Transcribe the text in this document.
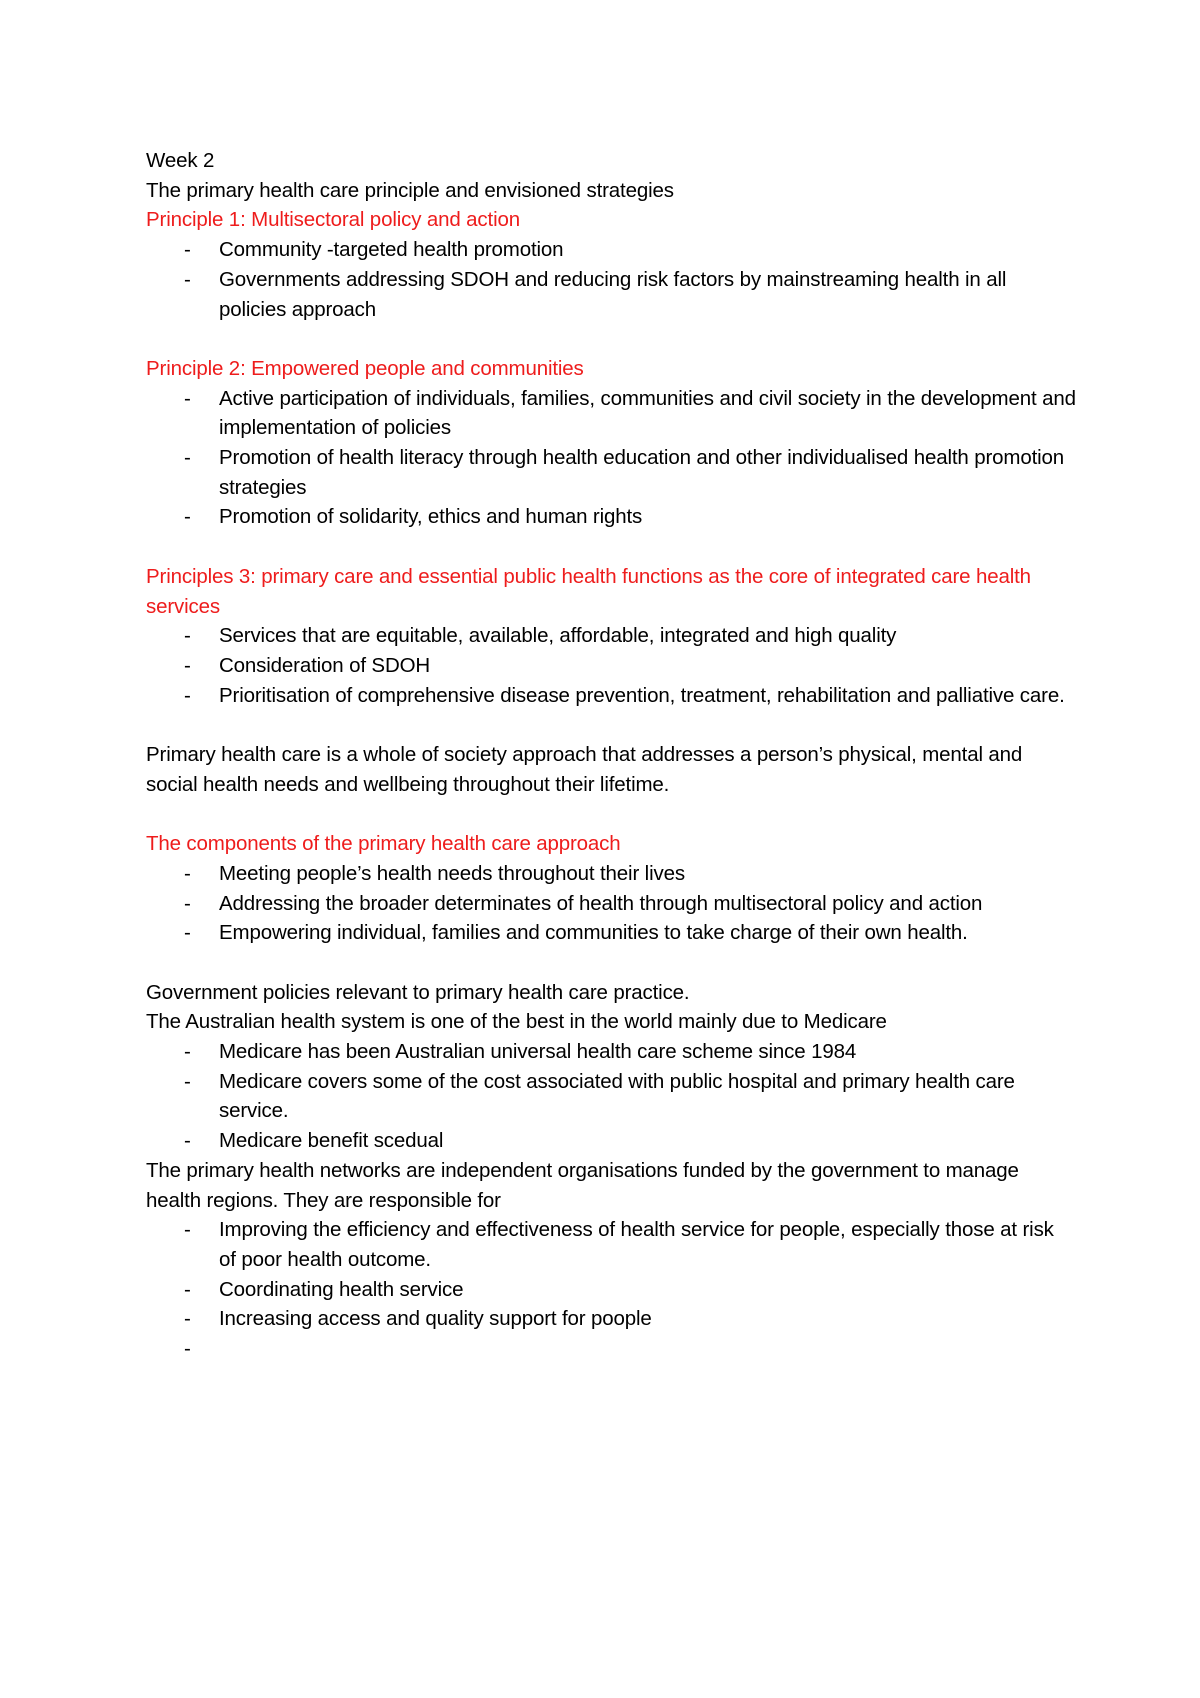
Week 2

The primary health care principle and envisioned strategies

Principle 1: Multisectoral policy and action

- Community -targeted health promotion
- Governments addressing SDOH and reducing risk factors by mainstreaming health in all policies approach

Principle 2: Empowered people and communities

- Active participation of individuals, families, communities and civil society in the development and implementation of policies
- Promotion of health literacy through health education and other individualised health promotion strategies
- Promotion of solidarity, ethics and human rights

Principles 3: primary care and essential public health functions as the core of integrated care health services

- Services that are equitable, available, affordable, integrated and high quality
- Consideration of SDOH
- Prioritisation of comprehensive disease prevention, treatment, rehabilitation and palliative care.

Primary health care is a whole of society approach that addresses a person’s physical, mental and social health needs and wellbeing throughout their lifetime.

The components of the primary health care approach

- Meeting people’s health needs throughout their lives
- Addressing the broader determinates of health through multisectoral policy and action
- Empowering individual, families and communities to take charge of their own health.

Government policies relevant to primary health care practice.

The Australian health system is one of the best in the world mainly due to Medicare

- Medicare has been Australian universal health care scheme since 1984
- Medicare covers some of the cost associated with public hospital and primary health care service.
- Medicare benefit scedual

The primary health networks are independent organisations funded by the government to manage health regions. They are responsible for

- Improving the efficiency and effectiveness of health service for people, especially those at risk of poor health outcome.
- Coordinating health service
- Increasing access and quality support for poople
-
